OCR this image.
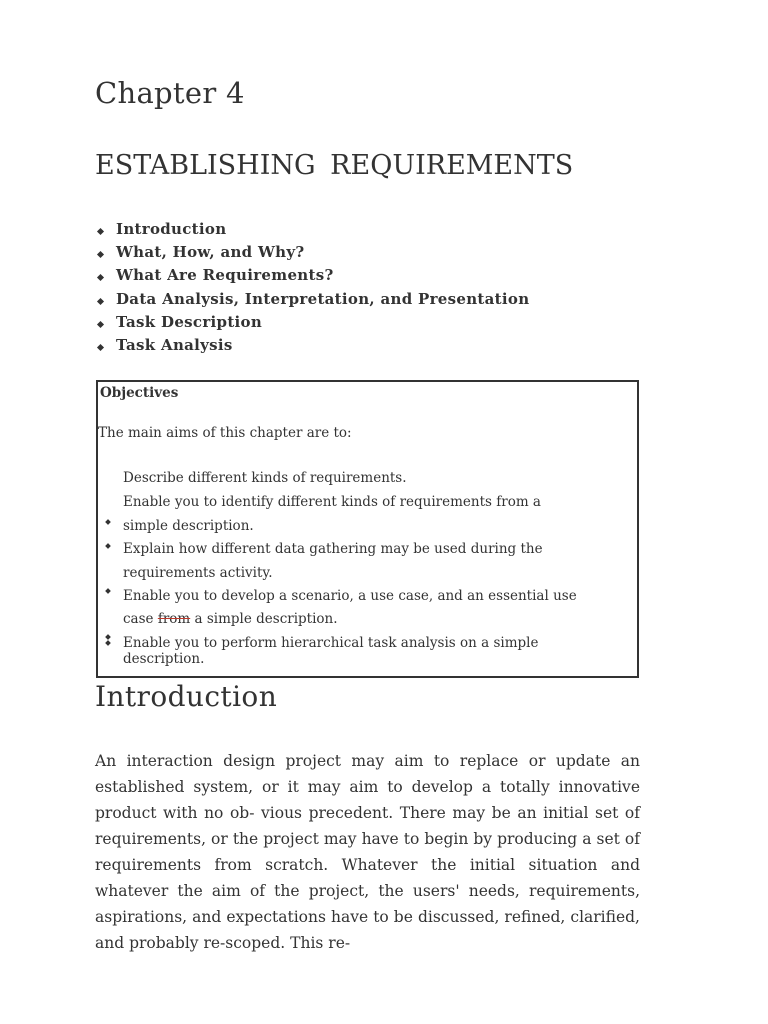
Chapter 4
ESTABLISHING REQUIREMENTS
Introduction
What, How, and Why?
What Are Requirements?
Data Analysis, Interpretation, and Presentation
Task Description
Task Analysis
Objectives
The main aims of this chapter are to:
Describe different kinds of requirements.
Enable you to identify different kinds of requirements from a
simple description.
Explain how different data gathering may be used during the
requirements activity.
Enable you to develop a scenario, a use case, and an essential use
case from a simple description.
Enable you to perform hierarchical task analysis on a simple
description.
Introduction

An interaction design project may aim to replace or update an established system, or it may aim to develop a totally innovative product with no ob- vious precedent. There may be an initial set of requirements, or the project may have to begin by producing a set of requirements from scratch. Whatever the initial situation and whatever the aim of the project, the users' needs, requirements, aspirations, and expectations have to be discussed, refined, clarified, and probably re-scoped. This re-
